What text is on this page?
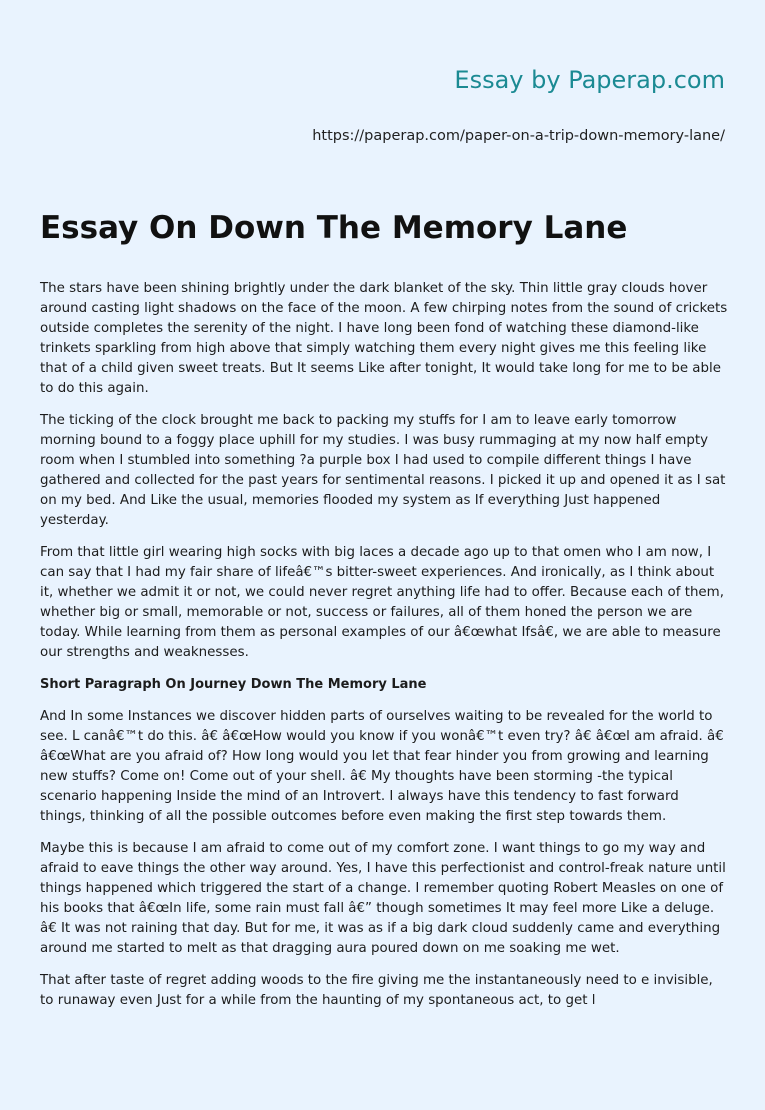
Essay by Paperap.com
https://paperap.com/paper-on-a-trip-down-memory-lane/
Essay On Down The Memory Lane

The stars have been shining brightly under the dark blanket of the sky. Thin little gray clouds hover around casting light shadows on the face of the moon. A few chirping notes from the sound of crickets outside completes the serenity of the night. I have long been fond of watching these diamond-like trinkets sparkling from high above that simply watching them every night gives me this feeling like that of a child given sweet treats. But It seems Like after tonight, It would take long for me to be able to do this again.

The ticking of the clock brought me back to packing my stuffs for I am to leave early tomorrow morning bound to a foggy place uphill for my studies. I was busy rummaging at my now half empty room when I stumbled into something ?a purple box I had used to compile different things I have gathered and collected for the past years for sentimental reasons. I picked it up and opened it as I sat on my bed. And Like the usual, memories flooded my system as If everything Just happened yesterday.

From that little girl wearing high socks with big laces a decade ago up to that omen who I am now, I can say that I had my fair share of lifeâ€™s bitter-sweet experiences. And ironically, as I think about it, whether we admit it or not, we could never regret anything life had to offer. Because each of them, whether big or small, memorable or not, success or failures, all of them honed the person we are today. While learning from them as personal examples of our â€œwhat Ifsâ€, we are able to measure our strengths and weaknesses.

Short Paragraph On Journey Down The Memory Lane

And In some Instances we discover hidden parts of ourselves waiting to be revealed for the world to see. L canâ€™t do this. â€ â€œHow would you know if you wonâ€™t even try? â€ â€œl am afraid. â€ â€œWhat are you afraid of? How long would you let that fear hinder you from growing and learning new stuffs? Come on! Come out of your shell. â€ My thoughts have been storming -the typical scenario happening Inside the mind of an Introvert. I always have this tendency to fast forward things, thinking of all the possible outcomes before even making the first step towards them.

Maybe this is because I am afraid to come out of my comfort zone. I want things to go my way and afraid to eave things the other way around. Yes, I have this perfectionist and control-freak nature until things happened which triggered the start of a change. I remember quoting Robert Measles on one of his books that â€œIn life, some rain must fall â€” though sometimes It may feel more Like a deluge. â€ It was not raining that day. But for me, it was as if a big dark cloud suddenly came and everything around me started to melt as that dragging aura poured down on me soaking me wet.

That after taste of regret adding woods to the fire giving me the instantaneously need to e invisible, to runaway even Just for a while from the haunting of my spontaneous act, to get l
